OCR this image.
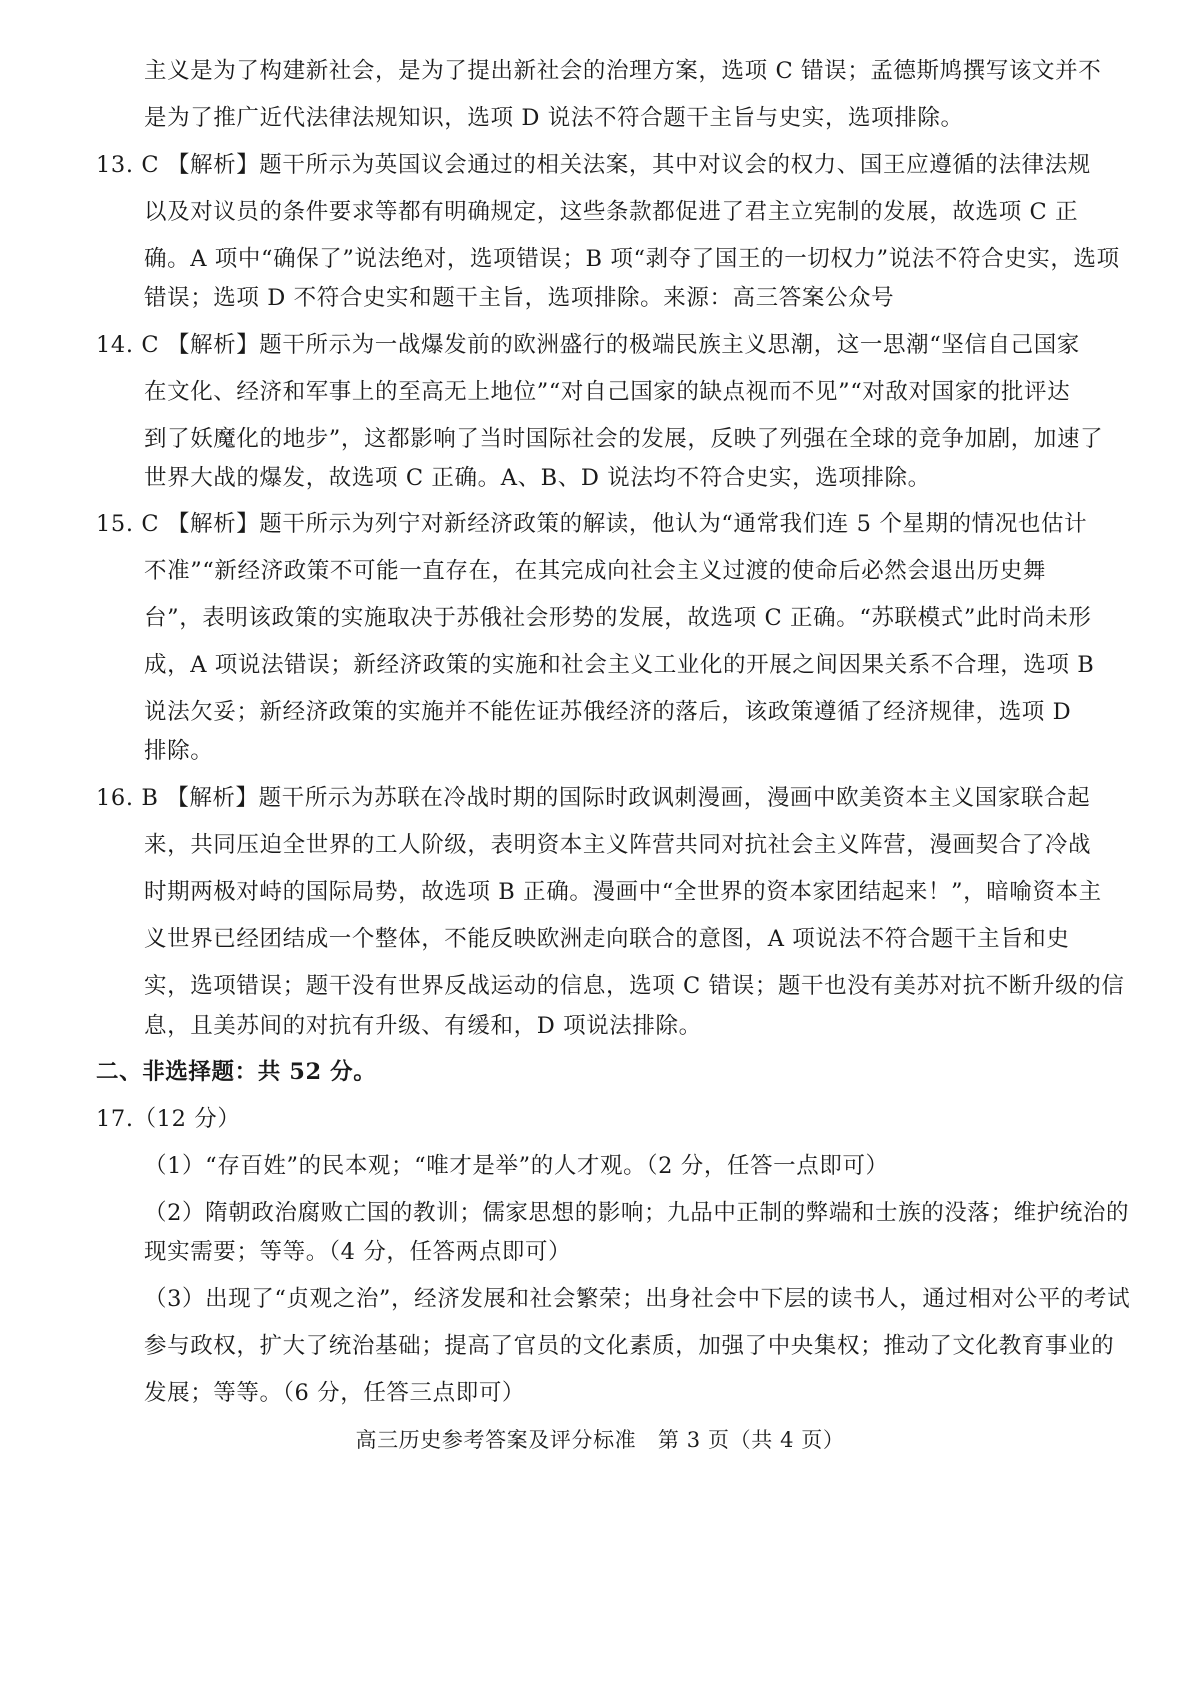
主义是为了构建新社会，是为了提出新社会的治理方案，选项 C 错误；孟德斯鸠撰写该文并不
是为了推广近代法律法规知识，选项 D 说法不符合题干主旨与史实，选项排除。
13. C 【解析】题干所示为英国议会通过的相关法案，其中对议会的权力、国王应遵循的法律法规
以及对议员的条件要求等都有明确规定，这些条款都促进了君主立宪制的发展，故选项 C 正
确。A 项中“确保了”说法绝对，选项错误；B 项“剥夺了国王的一切权力”说法不符合史实，选项
错误；选项 D 不符合史实和题干主旨，选项排除。来源：高三答案公众号
14. C 【解析】题干所示为一战爆发前的欧洲盛行的极端民族主义思潮，这一思潮“坚信自己国家
在文化、经济和军事上的至高无上地位”“对自己国家的缺点视而不见”“对敌对国家的批评达
到了妖魔化的地步”，这都影响了当时国际社会的发展，反映了列强在全球的竞争加剧，加速了
世界大战的爆发，故选项 C 正确。A、B、D 说法均不符合史实，选项排除。
15. C 【解析】题干所示为列宁对新经济政策的解读，他认为“通常我们连 5 个星期的情况也估计
不准”“新经济政策不可能一直存在，在其完成向社会主义过渡的使命后必然会退出历史舞
台”，表明该政策的实施取决于苏俄社会形势的发展，故选项 C 正确。“苏联模式”此时尚未形
成，A 项说法错误；新经济政策的实施和社会主义工业化的开展之间因果关系不合理，选项 B
说法欠妥；新经济政策的实施并不能佐证苏俄经济的落后，该政策遵循了经济规律，选项 D
排除。
16. B 【解析】题干所示为苏联在冷战时期的国际时政讽刺漫画，漫画中欧美资本主义国家联合起
来，共同压迫全世界的工人阶级，表明资本主义阵营共同对抗社会主义阵营，漫画契合了冷战
时期两极对峙的国际局势，故选项 B 正确。漫画中“全世界的资本家团结起来！”，暗喻资本主
义世界已经团结成一个整体，不能反映欧洲走向联合的意图，A 项说法不符合题干主旨和史
实，选项错误；题干没有世界反战运动的信息，选项 C 错误；题干也没有美苏对抗不断升级的信
息，且美苏间的对抗有升级、有缓和，D 项说法排除。
二、非选择题：共 52 分。
17.（12 分）
（1）“存百姓”的民本观；“唯才是举”的人才观。（2 分，任答一点即可）
（2）隋朝政治腐败亡国的教训；儒家思想的影响；九品中正制的弊端和士族的没落；维护统治的
现实需要；等等。（4 分，任答两点即可）
（3）出现了“贞观之治”，经济发展和社会繁荣；出身社会中下层的读书人，通过相对公平的考试
参与政权，扩大了统治基础；提高了官员的文化素质，加强了中央集权；推动了文化教育事业的
发展；等等。（6 分，任答三点即可）
高三历史参考答案及评分标准　第 3 页（共 4 页）
